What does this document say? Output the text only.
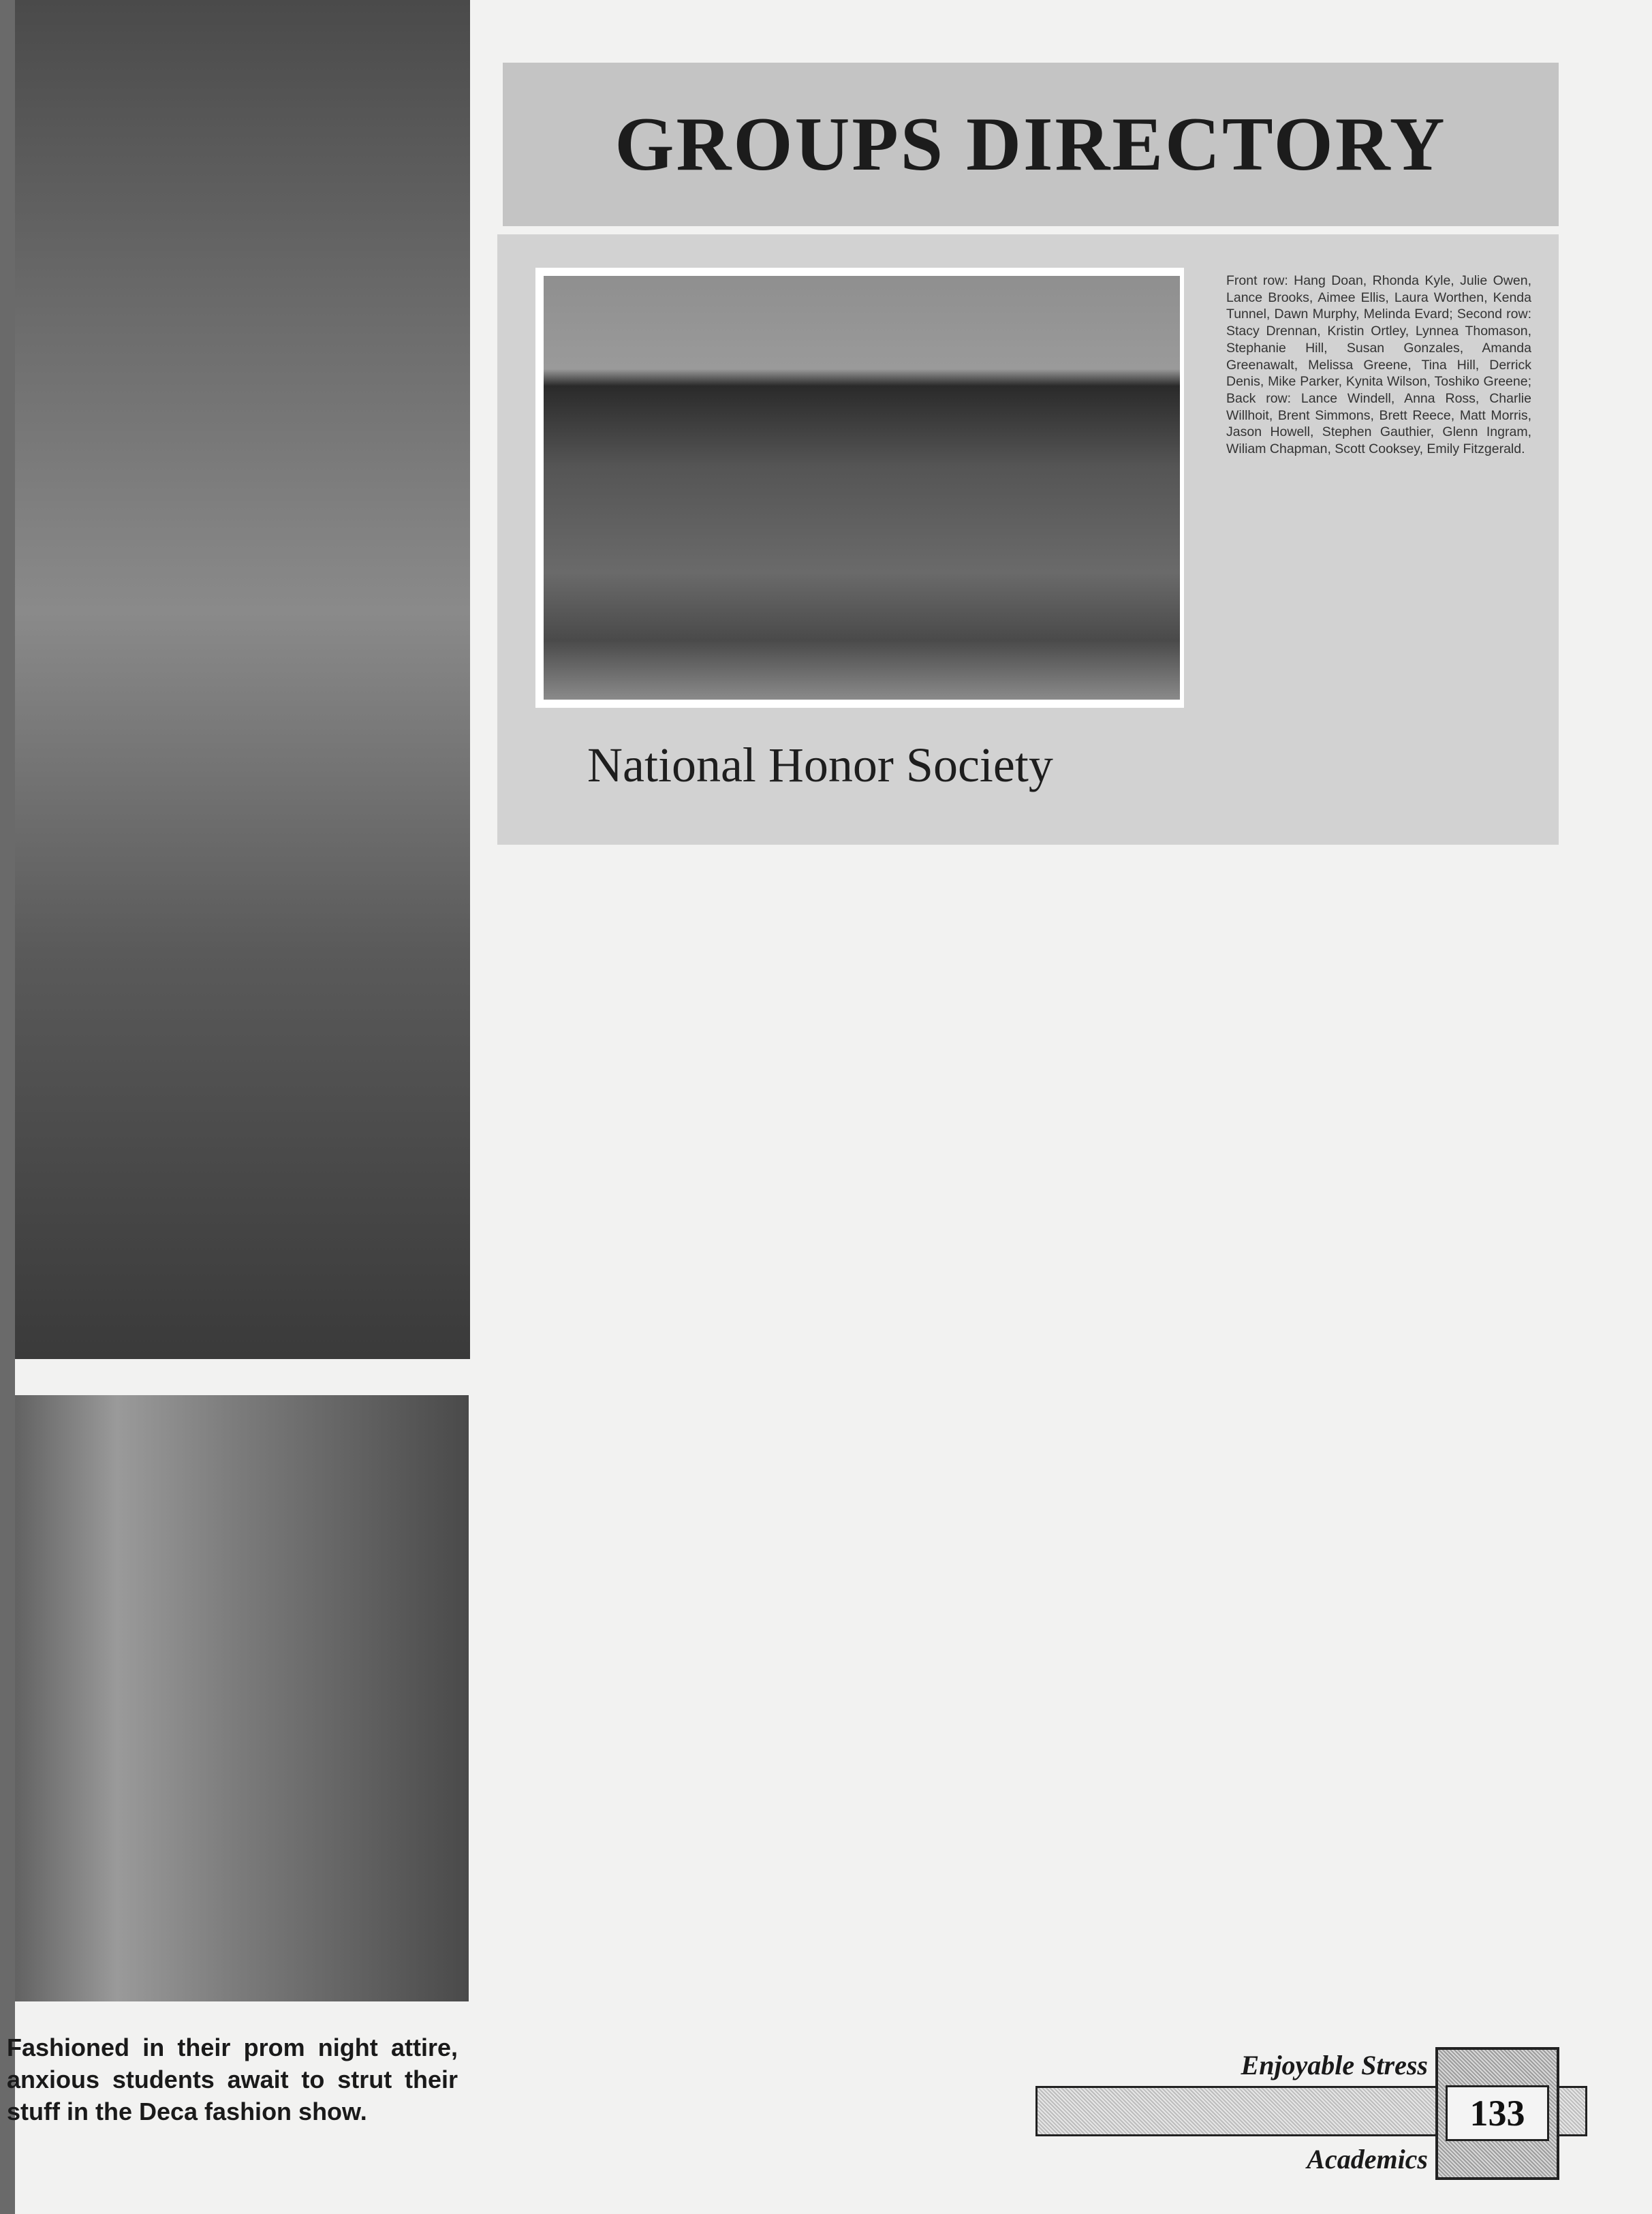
GROUPS DIRECTORY
Front row: Hang Doan, Rhonda Kyle, Julie Owen, Lance Brooks, Aimee Ellis, Laura Worthen, Kenda Tunnel, Dawn Murphy, Melinda Evard; Second row: Stacy Drennan, Kristin Ortley, Lynnea Thomason, Stephanie Hill, Susan Gonzales, Amanda Greenawalt, Melissa Greene, Tina Hill, Derrick Denis, Mike Parker, Kynita Wilson, Toshiko Greene; Back row: Lance Windell, Anna Ross, Charlie Willhoit, Brent Simmons, Brett Reece, Matt Morris, Jason Howell, Stephen Gauthier, Glenn Ingram, Wiliam Chapman, Scott Cooksey, Emily Fitzgerald.
National Honor Society
Fashioned in their prom night attire, anxious students await to strut their stuff in the Deca fashion show.	133
Enjoyable Stress
Academics
